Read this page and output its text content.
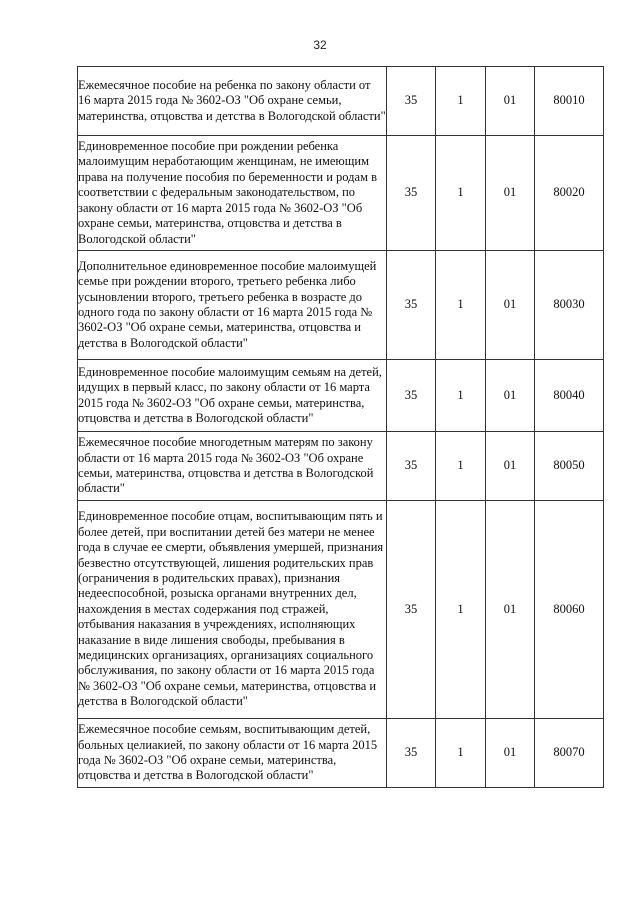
32
Ежемесячное пособие на ребенка по закону области от 16 марта 2015 года № 3602-ОЗ "Об охране семьи, материнства, отцовства и детства в Вологодской области"	35	1	01	80010
Единовременное пособие при рождении ребенка малоимущим неработающим женщинам, не имеющим права на получение пособия по беременности и родам в соответствии с федеральным законодательством, по закону области от 16 марта 2015 года № 3602-ОЗ "Об охране семьи, материнства, отцовства и детства в Вологодской области"	35	1	01	80020
Дополнительное единовременное пособие малоимущей семье при рождении второго, третьего ребенка либо усыновлении второго, третьего ребенка в возрасте до одного года по закону области от 16 марта 2015 года № 3602-ОЗ "Об охране семьи, материнства, отцовства и детства в Вологодской области"	35	1	01	80030
Единовременное пособие малоимущим семьям на детей, идущих в первый класс, по закону области от 16 марта 2015 года № 3602-ОЗ "Об охране семьи, материнства, отцовства и детства в Вологодской области"	35	1	01	80040
Ежемесячное пособие многодетным матерям по закону области от 16 марта 2015 года № 3602-ОЗ "Об охране семьи, материнства, отцовства и детства в Вологодской области"	35	1	01	80050
Единовременное пособие отцам, воспитывающим пять и более детей, при воспитании детей без матери не менее года в случае ее смерти, объявления умершей, признания безвестно отсутствующей, лишения родительских прав (ограничения в родительских правах), признания недееспособной, розыска органами внутренних дел, нахождения в местах содержания под стражей, отбывания наказания в учреждениях, исполняющих наказание в виде лишения свободы, пребывания в медицинских организациях, организациях социального обслуживания, по закону области от 16 марта 2015 года № 3602-ОЗ "Об охране семьи, материнства, отцовства и детства в Вологодской области"	35	1	01	80060
Ежемесячное пособие семьям, воспитывающим детей, больных целиакией, по закону области от 16 марта 2015 года № 3602-ОЗ "Об охране семьи, материнства, отцовства и детства в Вологодской области"	35	1	01	80070
